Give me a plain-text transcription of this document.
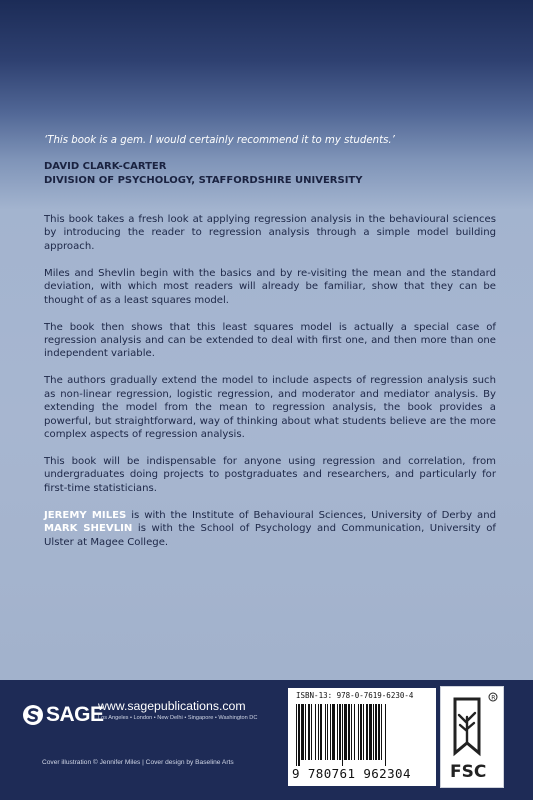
‘This book is a gem. I would certainly recommend it to my students.’

DAVID CLARK-CARTER
DIVISION OF PSYCHOLOGY, STAFFORDSHIRE UNIVERSITY

This book takes a fresh look at applying regression analysis in the behavioural sciences by introducing the reader to regression analysis through a simple model building approach.

Miles and Shevlin begin with the basics and by re-visiting the mean and the standard deviation, with which most readers will already be familiar, show that they can be thought of as a least squares model.

The book then shows that this least squares model is actually a special case of regression analysis and can be extended to deal with first one, and then more than one independent variable.

The authors gradually extend the model to include aspects of regression analysis such as non-linear regression, logistic regression, and moderator and mediator analysis. By extending the model from the mean to regression analysis, the book provides a powerful, but straightforward, way of thinking about what students believe are the more complex aspects of regression analysis.

This book will be indispensable for anyone using regression and correlation, from undergraduates doing projects to postgraduates and researchers, and particularly for first-time statisticians.

JEREMY MILES is with the Institute of Behavioural Sciences, University of Derby and MARK SHEVLIN is with the School of Psychology and Communication, University of Ulster at Magee College.

SAGE
www.sagepublications.com
Los Angeles • London • New Delhi • Singapore • Washington DC
Cover illustration © Jennifer Miles | Cover design by Baseline Arts
ISBN-13: 978-0-7619-6230-4
9 780761 962304
R
FSC
